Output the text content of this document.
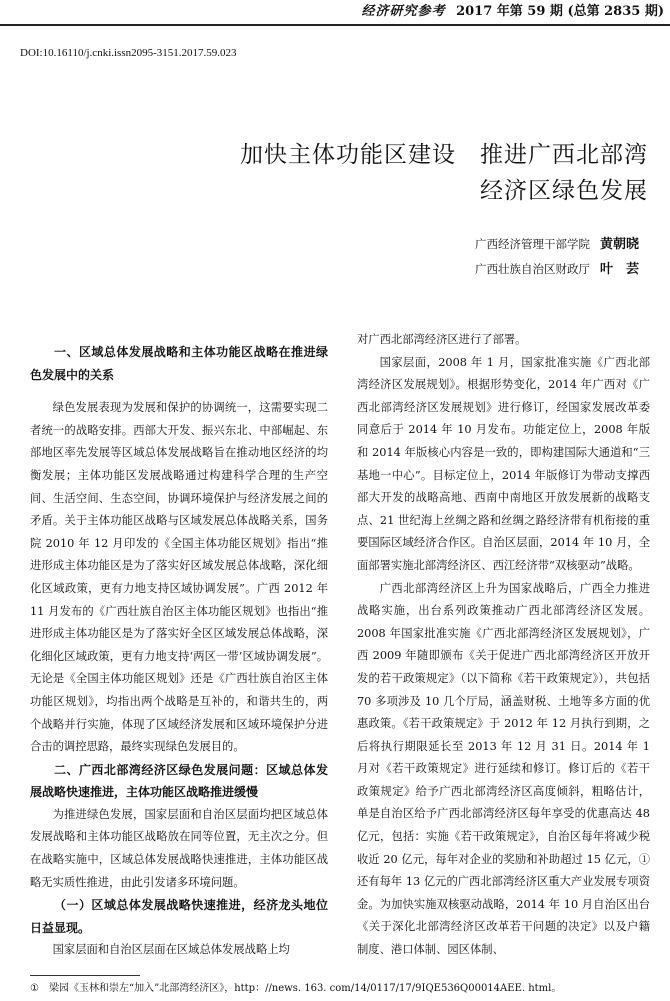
经济研究参考 2017 年第 59 期 (总第 2835 期)
DOI:10.16110/j.cnki.issn2095-3151.2017.59.023
加快主体功能区建设　推进广西北部湾
经济区绿色发展
广西经济管理干部学院 黄朝晓
广西壮族自治区财政厅 叶　芸
一、区域总体发展战略和主体功能区战略在推进绿色发展中的关系

绿色发展表现为发展和保护的协调统一，这需要实现二者统一的战略安排。西部大开发、振兴东北、中部崛起、东部地区率先发展等区域总体发展战略旨在推动地区经济的均衡发展；主体功能区发展战略通过构建科学合理的生产空间、生活空间、生态空间，协调环境保护与经济发展之间的矛盾。关于主体功能区战略与区域发展总体战略关系，国务院 2010 年 12 月印发的《全国主体功能区规划》指出“推进形成主体功能区是为了落实好区域发展总体战略，深化细化区域政策，更有力地支持区域协调发展”。广西 2012 年 11 月发布的《广西壮族自治区主体功能区规划》也指出“推进形成主体功能区是为了落实好全区区域发展总体战略，深化细化区域政策，更有力地支持‘两区一带’区域协调发展”。无论是《全国主体功能区规划》还是《广西壮族自治区主体功能区规划》，均指出两个战略是互补的，和谐共生的，两个战略并行实施，体现了区域经济发展和区域环境保护分进合击的调控思路，最终实现绿色发展目的。

二、广西北部湾经济区绿色发展问题：区域总体发展战略快速推进，主体功能区战略推进缓慢

为推进绿色发展，国家层面和自治区层面均把区域总体发展战略和主体功能区战略放在同等位置，无主次之分。但在战略实施中，区域总体发展战略快速推进，主体功能区战略无实质性推进，由此引发诸多环境问题。

（一）区域总体发展战略快速推进，经济龙头地位日益显现。

国家层面和自治区层面在区域总体发展战略上均

对广西北部湾经济区进行了部署。

国家层面，2008 年 1 月，国家批准实施《广西北部湾经济区发展规划》。根据形势变化，2014 年广西对《广西北部湾经济区发展规划》进行修订，经国家发展改革委同意后于 2014 年 10 月发布。功能定位上，2008 年版和 2014 年版核心内容是一致的，即构建国际大通道和“三基地一中心”。目标定位上，2014 年版修订为带动支撑西部大开发的战略高地、西南中南地区开放发展新的战略支点、21 世纪海上丝绸之路和丝绸之路经济带有机衔接的重要国际区域经济合作区。自治区层面，2014 年 10 月，全面部署实施北部湾经济区、西江经济带“双核驱动”战略。

广西北部湾经济区上升为国家战略后，广西全力推进战略实施，出台系列政策推动广西北部湾经济区发展。2008 年国家批准实施《广西北部湾经济区发展规划》，广西 2009 年随即颁布《关于促进广西北部湾经济区开放开发的若干政策规定》（以下简称《若干政策规定》），共包括 70 多项涉及 10 几个厅局，涵盖财税、土地等多方面的优惠政策。《若干政策规定》于 2012 年 12 月执行到期，之后将执行期限延长至 2013 年 12 月 31 日。2014 年 1 月对《若干政策规定》进行延续和修订。修订后的《若干政策规定》给予广西北部湾经济区高度倾斜，粗略估计，单是自治区给予广西北部湾经济区每年享受的优惠高达 48 亿元，包括：实施《若干政策规定》，自治区每年将减少税收近 20 亿元，每年对企业的奖励和补助超过 15 亿元，①还有每年 13 亿元的广西北部湾经济区重大产业发展专项资金。为加快实施双核驱动战略，2014 年 10 月自治区出台《关于深化北部湾经济区改革若干问题的决定》以及户籍制度、港口体制、园区体制、

① 梁园《玉林和崇左“加入”北部湾经济区》，http：//news. 163. com/14/0117/17/9IQE536Q00014AEE. html。
